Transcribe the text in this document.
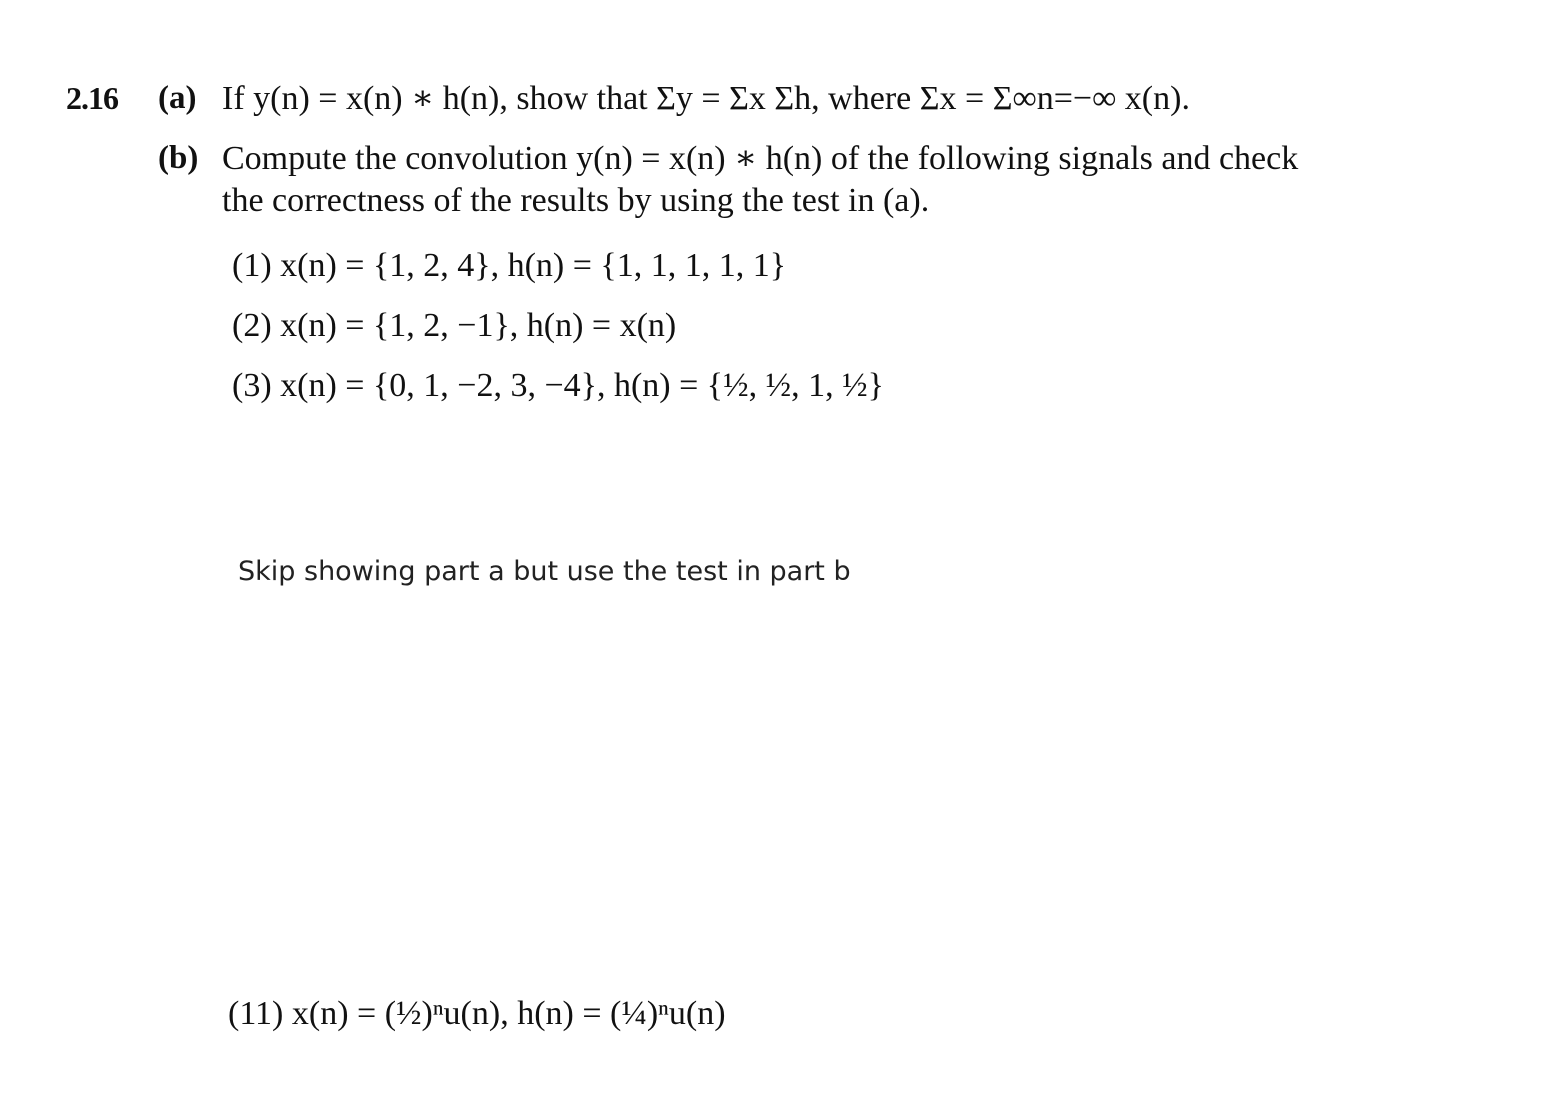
2.16 (a) If y(n) = x(n) ∗ h(n), show that Σy = Σx Σh, where Σx = Σ∞n=−∞ x(n).
(b) Compute the convolution y(n) = x(n) ∗ h(n) of the following signals and check
the correctness of the results by using the test in (a).
(1) x(n) = {1, 2, 4}, h(n) = {1, 1, 1, 1, 1}
(2) x(n) = {1, 2, −1}, h(n) = x(n)
(3) x(n) = {0, 1, −2, 3, −4}, h(n) = {½, ½, 1, ½}
Skip showing part a but use the test in part b
(11) x(n) = (½)ⁿu(n), h(n) = (¼)ⁿu(n)
